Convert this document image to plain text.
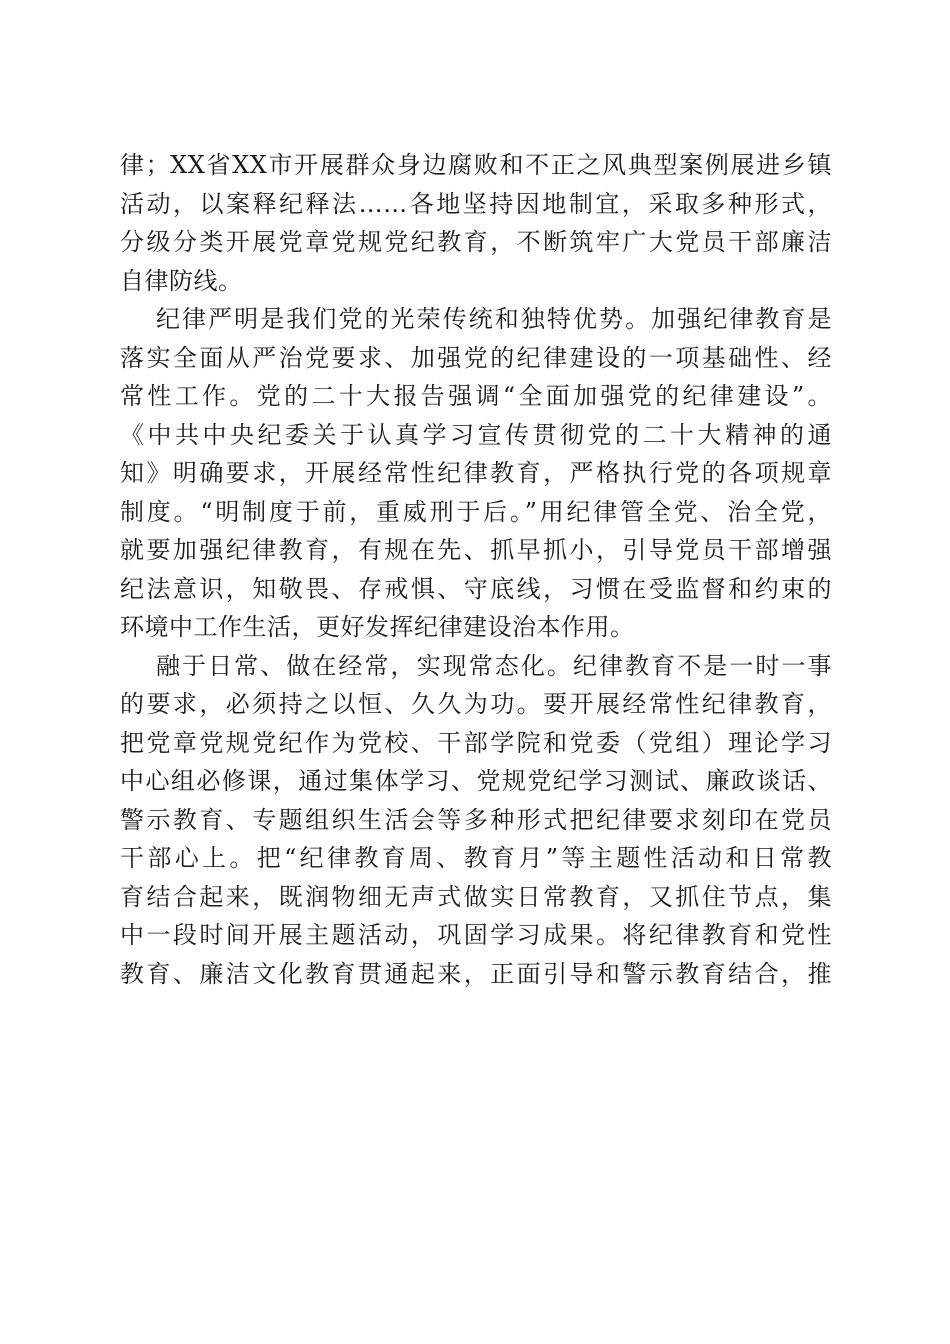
律；XX省XX市开展群众身边腐败和不正之风典型案例展进乡镇
活动，以案释纪释法……各地坚持因地制宜，采取多种形式，
分级分类开展党章党规党纪教育，不断筑牢广大党员干部廉洁
自律防线。
纪律严明是我们党的光荣传统和独特优势。加强纪律教育是
落实全面从严治党要求、加强党的纪律建设的一项基础性、经
常性工作。党的二十大报告强调“全面加强党的纪律建设”。
《中共中央纪委关于认真学习宣传贯彻党的二十大精神的通
知》明确要求，开展经常性纪律教育，严格执行党的各项规章
制度。“明制度于前，重威刑于后。”用纪律管全党、治全党，
就要加强纪律教育，有规在先、抓早抓小，引导党员干部增强
纪法意识，知敬畏、存戒惧、守底线，习惯在受监督和约束的
环境中工作生活，更好发挥纪律建设治本作用。
融于日常、做在经常，实现常态化。纪律教育不是一时一事
的要求，必须持之以恒、久久为功。要开展经常性纪律教育，
把党章党规党纪作为党校、干部学院和党委（党组）理论学习
中心组必修课，通过集体学习、党规党纪学习测试、廉政谈话、
警示教育、专题组织生活会等多种形式把纪律要求刻印在党员
干部心上。把“纪律教育周、教育月”等主题性活动和日常教
育结合起来，既润物细无声式做实日常教育，又抓住节点，集
中一段时间开展主题活动，巩固学习成果。将纪律教育和党性
教育、廉洁文化教育贯通起来，正面引导和警示教育结合，推
